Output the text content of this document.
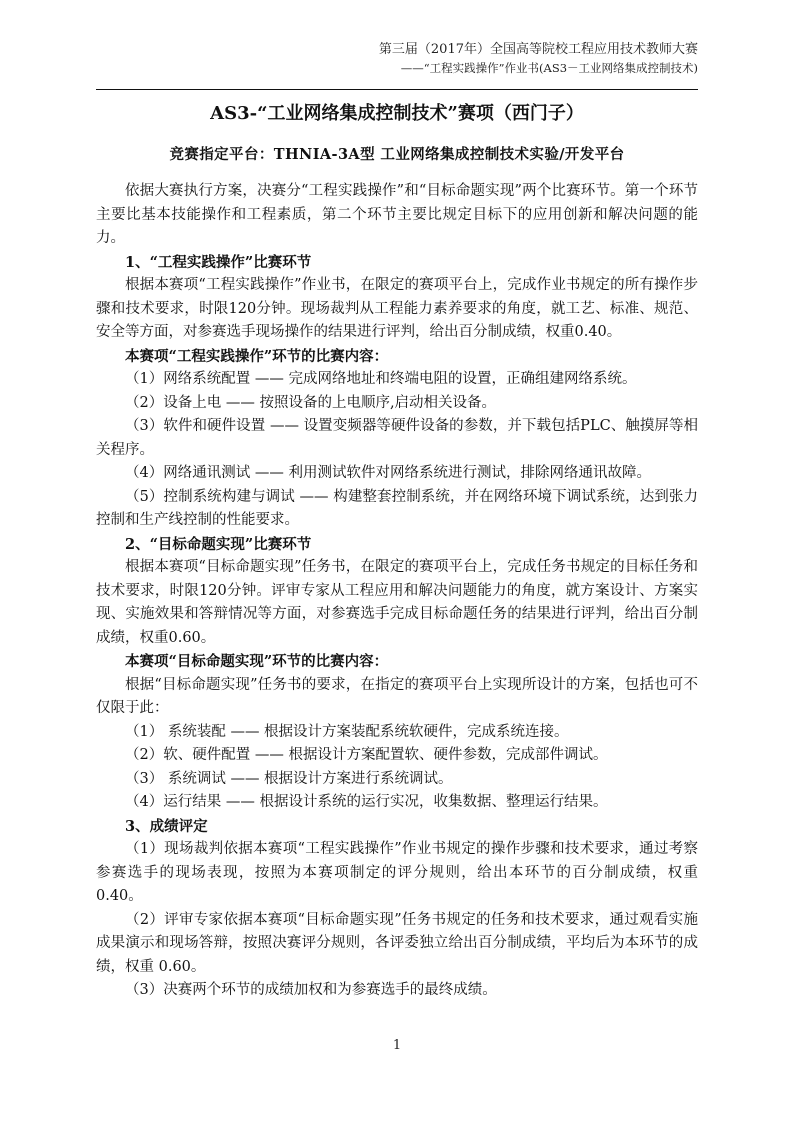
第三届（2017年）全国高等院校工程应用技术教师大赛
——“工程实践操作”作业书(AS3－工业网络集成控制技术)
AS3-“工业网络集成控制技术”赛项（西门子）
竞赛指定平台：THNIA-3A型 工业网络集成控制技术实验/开发平台

依据大赛执行方案，决赛分“工程实践操作”和“目标命题实现”两个比赛环节。第一个环节主要比基本技能操作和工程素质，第二个环节主要比规定目标下的应用创新和解决问题的能力。

1、“工程实践操作”比赛环节

根据本赛项“工程实践操作”作业书，在限定的赛项平台上，完成作业书规定的所有操作步骤和技术要求，时限120分钟。现场裁判从工程能力素养要求的角度，就工艺、标准、规范、安全等方面，对参赛选手现场操作的结果进行评判，给出百分制成绩，权重0.40。

本赛项“工程实践操作”环节的比赛内容：

（1）网络系统配置 —— 完成网络地址和终端电阻的设置，正确组建网络系统。

（2）设备上电 —— 按照设备的上电顺序,启动相关设备。

（3）软件和硬件设置 —— 设置变频器等硬件设备的参数，并下载包括PLC、触摸屏等相关程序。

（4）网络通讯测试 —— 利用测试软件对网络系统进行测试，排除网络通讯故障。

（5）控制系统构建与调试 —— 构建整套控制系统，并在网络环境下调试系统，达到张力控制和生产线控制的性能要求。

2、“目标命题实现”比赛环节

根据本赛项“目标命题实现”任务书，在限定的赛项平台上，完成任务书规定的目标任务和技术要求，时限120分钟。评审专家从工程应用和解决问题能力的角度，就方案设计、方案实现、实施效果和答辩情况等方面，对参赛选手完成目标命题任务的结果进行评判，给出百分制成绩，权重0.60。

本赛项“目标命题实现”环节的比赛内容：

根据“目标命题实现”任务书的要求，在指定的赛项平台上实现所设计的方案，包括也可不仅限于此：

（1） 系统装配 —— 根据设计方案装配系统软硬件，完成系统连接。

（2）软、硬件配置 —— 根据设计方案配置软、硬件参数，完成部件调试。

（3） 系统调试 —— 根据设计方案进行系统调试。

（4）运行结果 —— 根据设计系统的运行实况，收集数据、整理运行结果。

3、成绩评定

（1）现场裁判依据本赛项“工程实践操作”作业书规定的操作步骤和技术要求，通过考察参赛选手的现场表现，按照为本赛项制定的评分规则，给出本环节的百分制成绩，权重 0.40。

（2）评审专家依据本赛项“目标命题实现”任务书规定的任务和技术要求，通过观看实施成果演示和现场答辩，按照决赛评分规则，各评委独立给出百分制成绩，平均后为本环节的成绩，权重 0.60。

（3）决赛两个环节的成绩加权和为参赛选手的最终成绩。

1
